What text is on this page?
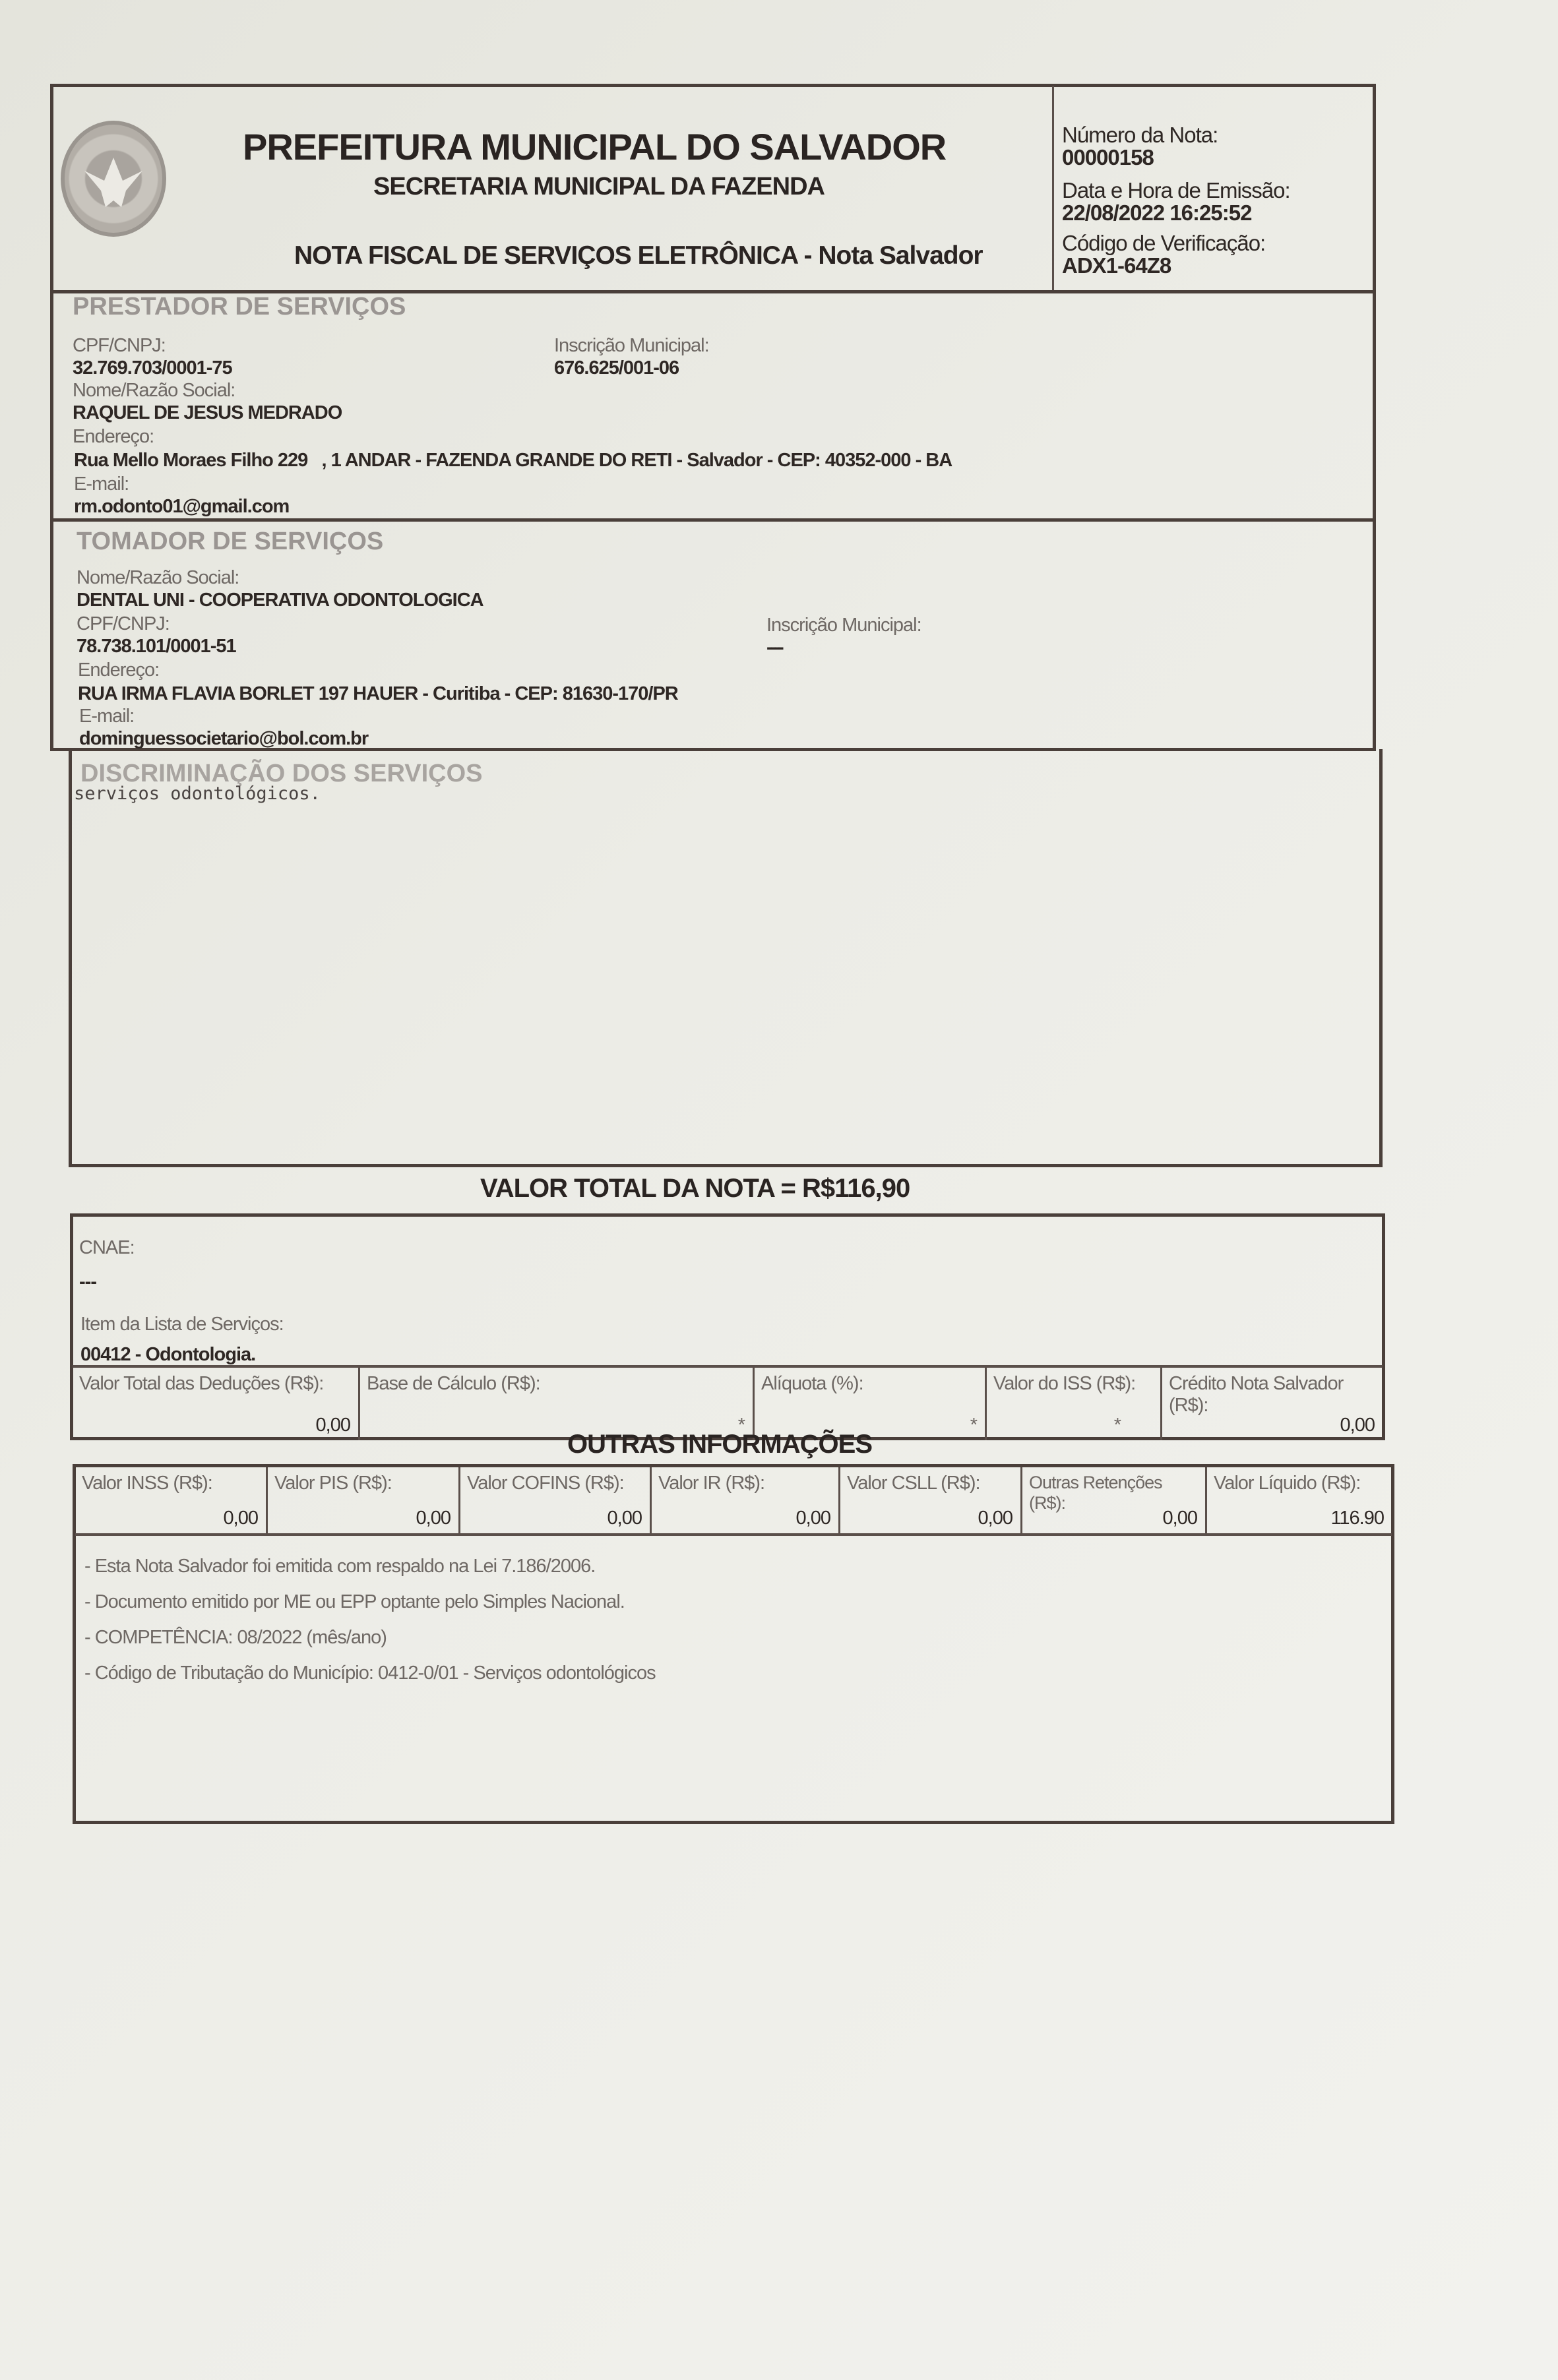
PREFEITURA MUNICIPAL DO SALVADOR
SECRETARIA MUNICIPAL DA FAZENDA
NOTA FISCAL DE SERVIÇOS ELETRÔNICA - Nota Salvador
Número da Nota:
00000158
Data e Hora de Emissão:
22/08/2022 16:25:52
Código de Verificação:
ADX1-64Z8
PRESTADOR DE SERVIÇOS
CPF/CNPJ:
32.769.703/0001-75
Inscrição Municipal:
676.625/001-06
Nome/Razão Social:
RAQUEL DE JESUS MEDRADO
Endereço:
Rua Mello Moraes Filho 229   , 1 ANDAR - FAZENDA GRANDE DO RETI - Salvador - CEP: 40352-000 - BA
E-mail:
rm.odonto01@gmail.com
TOMADOR DE SERVIÇOS
Nome/Razão Social:
DENTAL UNI - COOPERATIVA ODONTOLOGICA
CPF/CNPJ:
78.738.101/0001-51
Inscrição Municipal:
----
Endereço:
RUA IRMA FLAVIA BORLET 197 HAUER - Curitiba - CEP: 81630-170/PR
E-mail:
dominguessocietario@bol.com.br
DISCRIMINAÇÃO DOS SERVIÇOS
serviços odontológicos.
VALOR TOTAL DA NOTA = R$116,90
CNAE:
---
Item da Lista de Serviços:
00412 - Odontologia.
Valor Total das Deduções (R$):
0,00
Base de Cálculo (R$):
*
Alíquota (%):
*
Valor do ISS (R$):
*
Crédito Nota Salvador (R$):
0,00
OUTRAS INFORMAÇÕES
Valor INSS (R$):
0,00
Valor PIS (R$):
0,00
Valor COFINS (R$):
0,00
Valor IR (R$):
0,00
Valor CSLL (R$):
0,00
Outras Retenções (R$):
0,00
Valor Líquido (R$):
116.90
- Esta Nota Salvador foi emitida com respaldo na Lei 7.186/2006.
- Documento emitido por ME ou EPP optante pelo Simples Nacional.
- COMPETÊNCIA: 08/2022 (mês/ano)
- Código de Tributação do Município: 0412-0/01 - Serviços odontológicos
